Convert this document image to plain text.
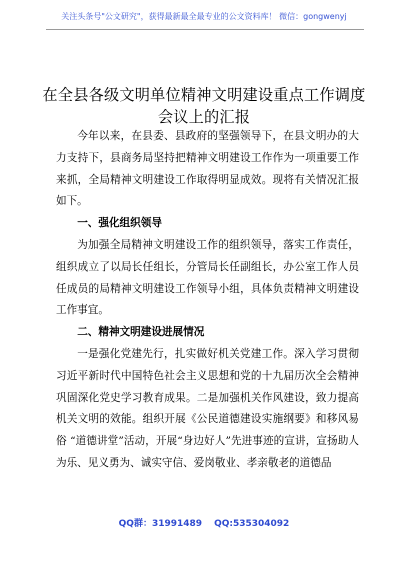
关注头条号"公文研究"，获得最新最全最专业的公文资料库！ 微信：gongwenyj
在全县各级文明单位精神文明建设重点工作调度会议上的汇报

今年以来，在县委、县政府的坚强领导下，在县文明办的大力支持下，县商务局坚持把精神文明建设工作作为一项重要工作来抓，全局精神文明建设工作取得明显成效。现将有关情况汇报如下。

一、强化组织领导

为加强全局精神文明建设工作的组织领导，落实工作责任，组织成立了以局长任组长，分管局长任副组长，办公室工作人员任成员的局精神文明建设工作领导小组，具体负责精神文明建设工作事宜。

二、精神文明建设进展情况

一是强化党建先行，扎实做好机关党建工作。深入学习贯彻习近平新时代中国特色社会主义思想和党的十九届历次全会精神巩固深化党史学习教育成果。二是加强机关作风建设，致力提高机关文明的效能。组织开展《公民道德建设实施纲要》和移风易俗 “道德讲堂”活动，开展“身边好人”先进事迹的宣讲，宣扬助人为乐、见义勇为、诚实守信、爱岗敬业、孝亲敬老的道德品

QQ群：31991489 QQ:535304092
